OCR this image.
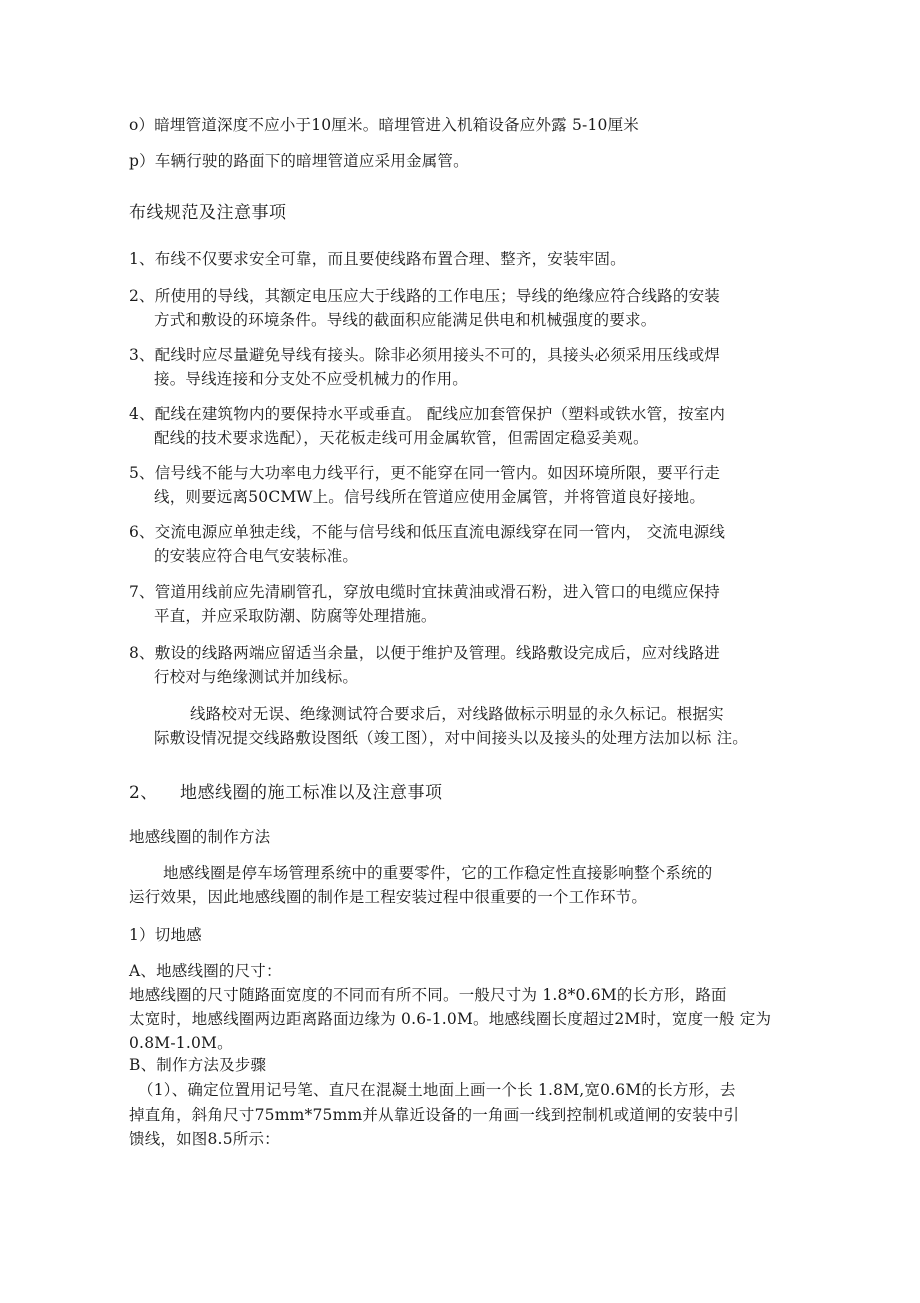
o）暗埋管道深度不应小于10厘米。暗埋管进入机箱设备应外露 5-10厘米
p）车辆行驶的路面下的暗埋管道应采用金属管。
布线规范及注意事项
1、布线不仅要求安全可靠，而且要使线路布置合理、整齐，安装牢固。
2、所使用的导线，其额定电压应大于线路的工作电压；导线的绝缘应符合线路的安装
方式和敷设的环境条件。导线的截面积应能满足供电和机械强度的要求。
3、配线时应尽量避免导线有接头。除非必须用接头不可的，具接头必须采用压线或焊
接。导线连接和分支处不应受机械力的作用。
4、配线在建筑物内的要保持水平或垂直。 配线应加套管保护（塑料或铁水管，按室内
配线的技术要求选配），天花板走线可用金属软管，但需固定稳妥美观。
5、信号线不能与大功率电力线平行，更不能穿在同一管内。如因环境所限，要平行走
线，则要远离50CMW上。信号线所在管道应使用金属管，并将管道良好接地。
6、交流电源应单独走线，不能与信号线和低压直流电源线穿在同一管内， 交流电源线
的安装应符合电气安装标准。
7、管道用线前应先清刷管孔，穿放电缆时宜抹黄油或滑石粉，进入管口的电缆应保持
平直，并应采取防潮、防腐等处理措施。
8、敷设的线路两端应留适当余量，以便于维护及管理。线路敷设完成后，应对线路进
行校对与绝缘测试并加线标。
线路校对无误、绝缘测试符合要求后，对线路做标示明显的永久标记。根据实
际敷设情况提交线路敷设图纸（竣工图），对中间接头以及接头的处理方法加以标 注。
2、 地感线圈的施工标准以及注意事项
地感线圈的制作方法
地感线圈是停车场管理系统中的重要零件，它的工作稳定性直接影响整个系统的
运行效果，因此地感线圈的制作是工程安装过程中很重要的一个工作环节。
1）切地感
A、地感线圈的尺寸：
地感线圈的尺寸随路面宽度的不同而有所不同。一般尺寸为 1.8*0.6M的长方形，路面
太宽时，地感线圈两边距离路面边缘为 0.6-1.0M。地感线圈长度超过2M时，宽度一般 定为
0.8M-1.0M。
B、制作方法及步骤
（1）、确定位置用记号笔、直尺在混凝土地面上画一个长 1.8M,宽0.6M的长方形，去
掉直角，斜角尺寸75mm*75mm并从靠近设备的一角画一线到控制机或道闸的安装中引
馈线，如图8.5所示：
